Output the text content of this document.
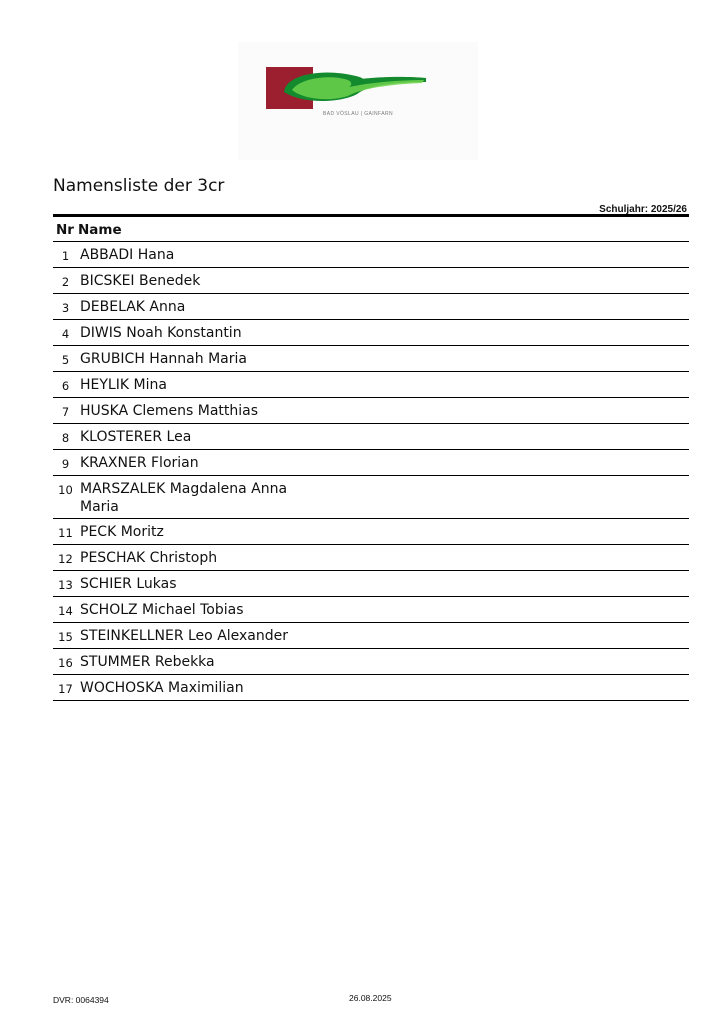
BAD VÖSLAU | GAINFARN
Namensliste der 3cr
Schuljahr: 2025/26
Nr	Name
1	ABBADI Hana

2	BICSKEI Benedek

3	DEBELAK Anna

4	DIWIS Noah Konstantin

5	GRUBICH Hannah Maria

6	HEYLIK Mina

7	HUSKA Clemens Matthias

8	KLOSTERER Lea

9	KRAXNER Florian

10	MARSZALEK Magdalena Anna Maria

11	PECK Moritz

12	PESCHAK Christoph

13	SCHIER Lukas

14	SCHOLZ Michael Tobias

15	STEINKELLNER Leo Alexander

16	STUMMER Rebekka

17	WOCHOSKA Maximilian
DVR: 0064394	26.08.2025
